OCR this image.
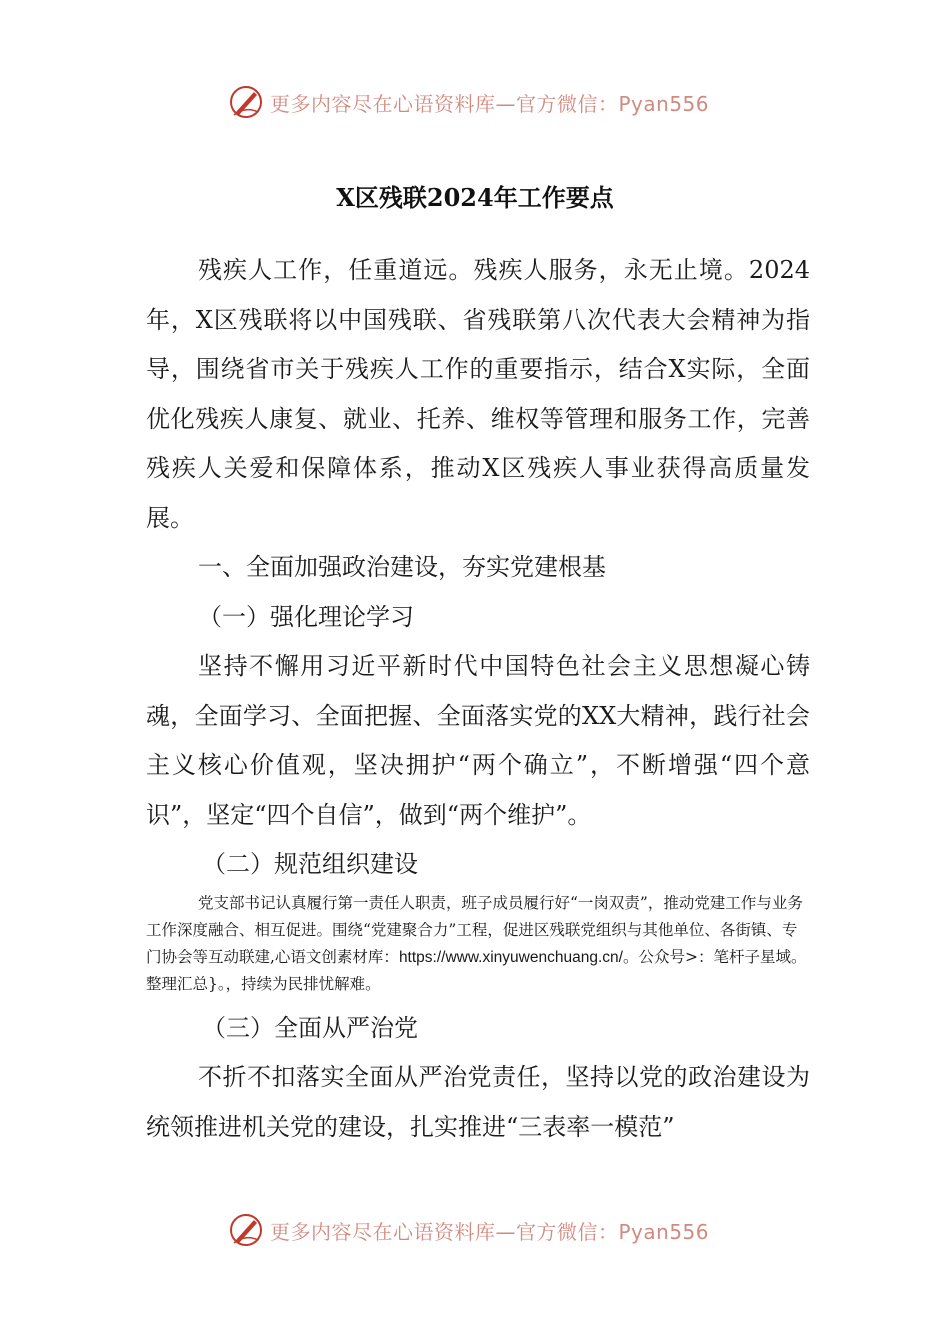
更多内容尽在心语资料库—官方微信：Pyan556
X区残联2024年工作要点

残疾人工作，任重道远。残疾人服务，永无止境。2024年，X区残联将以中国残联、省残联第八次代表大会精神为指导，围绕省市关于残疾人工作的重要指示，结合X实际，全面优化残疾人康复、就业、托养、维权等管理和服务工作，完善残疾人关爱和保障体系，推动X区残疾人事业获得高质量发展。

一、全面加强政治建设，夯实党建根基

（一）强化理论学习

坚持不懈用习近平新时代中国特色社会主义思想凝心铸魂，全面学习、全面把握、全面落实党的XX大精神，践行社会主义核心价值观，坚决拥护“两个确立”，不断增强“四个意识”，坚定“四个自信”，做到“两个维护”。

（二）规范组织建设

党支部书记认真履行第一责任人职责，班子成员履行好“一岗双责”，推动党建工作与业务工作深度融合、相互促进。围绕“党建聚合力”工程，促进区残联党组织与其他单位、各街镇、专门协会等互动联建,心语文创素材库：https://www.xinyuwenchuang.cn/。公众号>：笔杆子星域。整理汇总}。，持续为民排忧解难。

（三）全面从严治党

不折不扣落实全面从严治党责任，坚持以党的政治建设为统领推进机关党的建设，扎实推进“三表率一模范”

更多内容尽在心语资料库—官方微信：Pyan556
